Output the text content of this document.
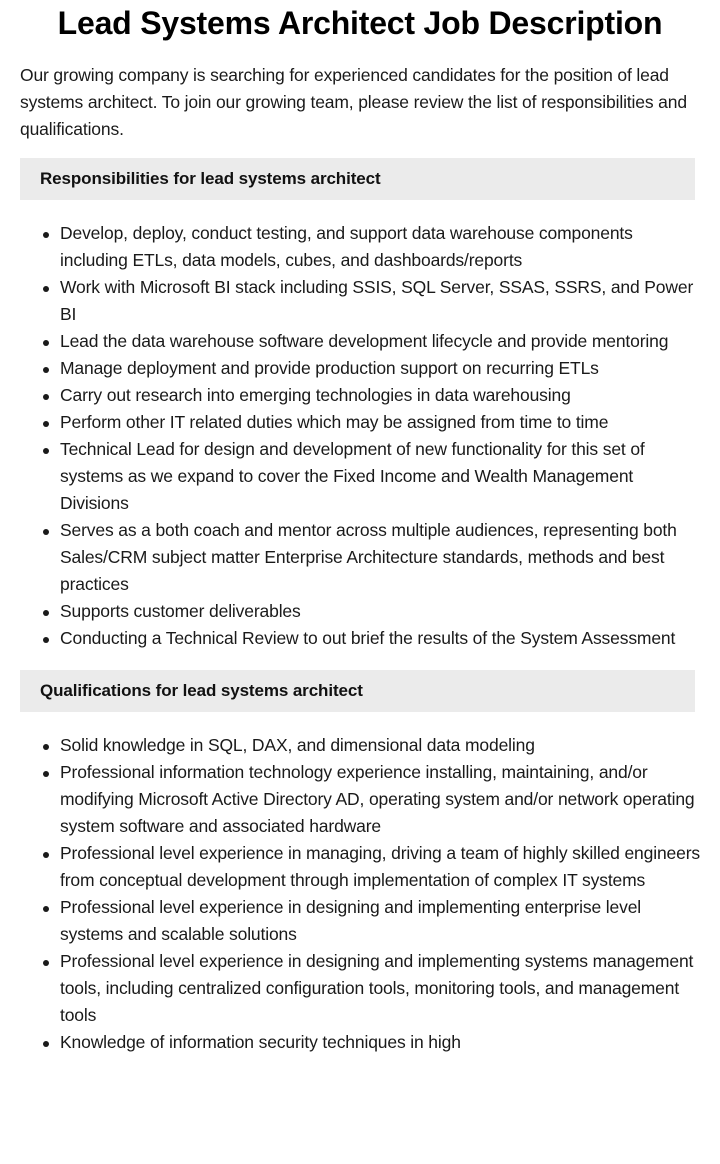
Lead Systems Architect Job Description

Our growing company is searching for experienced candidates for the position of lead systems architect. To join our growing team, please review the list of responsibilities and qualifications.

Responsibilities for lead systems architect
Develop, deploy, conduct testing, and support data warehouse components including ETLs, data models, cubes, and dashboards/reports
Work with Microsoft BI stack including SSIS, SQL Server, SSAS, SSRS, and Power BI
Lead the data warehouse software development lifecycle and provide mentoring
Manage deployment and provide production support on recurring ETLs
Carry out research into emerging technologies in data warehousing
Perform other IT related duties which may be assigned from time to time
Technical Lead for design and development of new functionality for this set of systems as we expand to cover the Fixed Income and Wealth Management Divisions
Serves as a both coach and mentor across multiple audiences, representing both Sales/CRM subject matter Enterprise Architecture standards, methods and best practices
Supports customer deliverables
Conducting a Technical Review to out brief the results of the System Assessment
Qualifications for lead systems architect
Solid knowledge in SQL, DAX, and dimensional data modeling
Professional information technology experience installing, maintaining, and/or modifying Microsoft Active Directory AD, operating system and/or network operating system software and associated hardware
Professional level experience in managing, driving a team of highly skilled engineers from conceptual development through implementation of complex IT systems
Professional level experience in designing and implementing enterprise level systems and scalable solutions
Professional level experience in designing and implementing systems management tools, including centralized configuration tools, monitoring tools, and management tools
Knowledge of information security techniques in high
